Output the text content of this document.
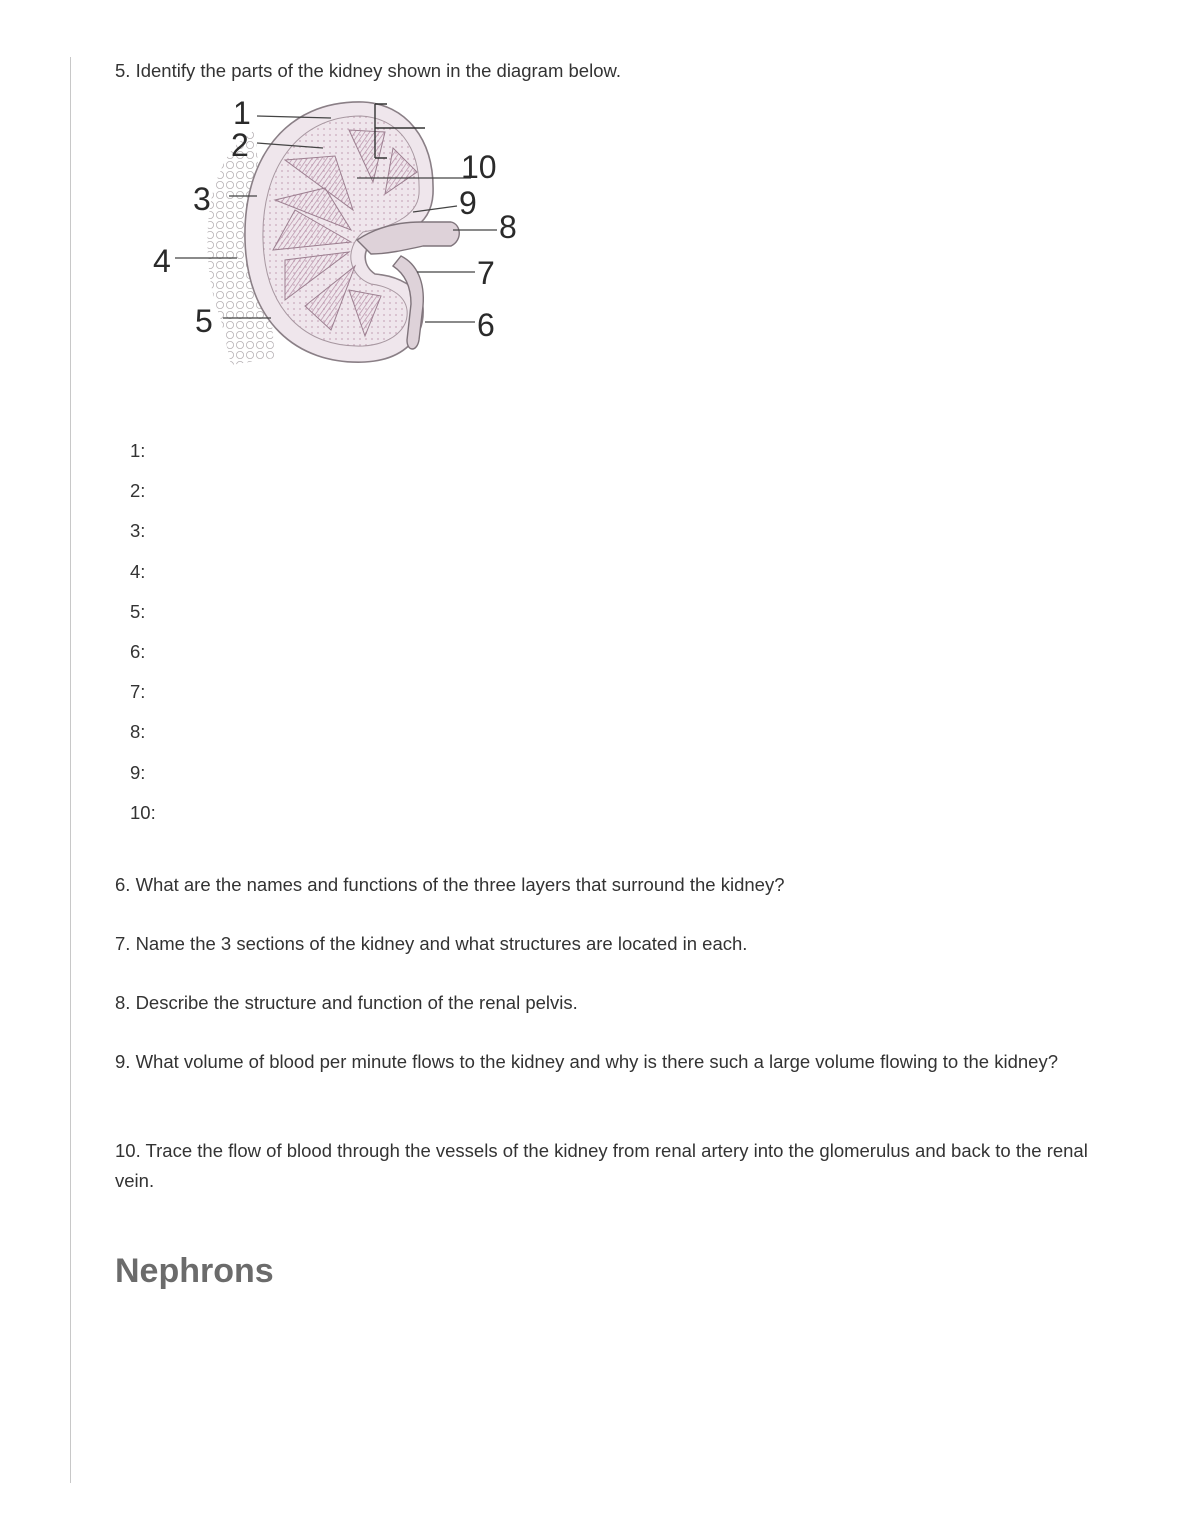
5. Identify the parts of the kidney shown in the diagram below.

1
2
3
4
5	6
7
8
9
10
1:
2:
3:
4:
5:
6:
7:
8:
9:
10:

6. What are the names and functions of the three layers that surround the kidney?

7. Name the 3 sections of the kidney and what structures are located in each.

8. Describe the structure and function of the renal pelvis.

9. What volume of blood per minute flows to the kidney and why is there such a large volume flowing to the kidney?

10. Trace the flow of blood through the vessels of the kidney from renal artery into the glomerulus and back to the renal vein.

Nephrons
